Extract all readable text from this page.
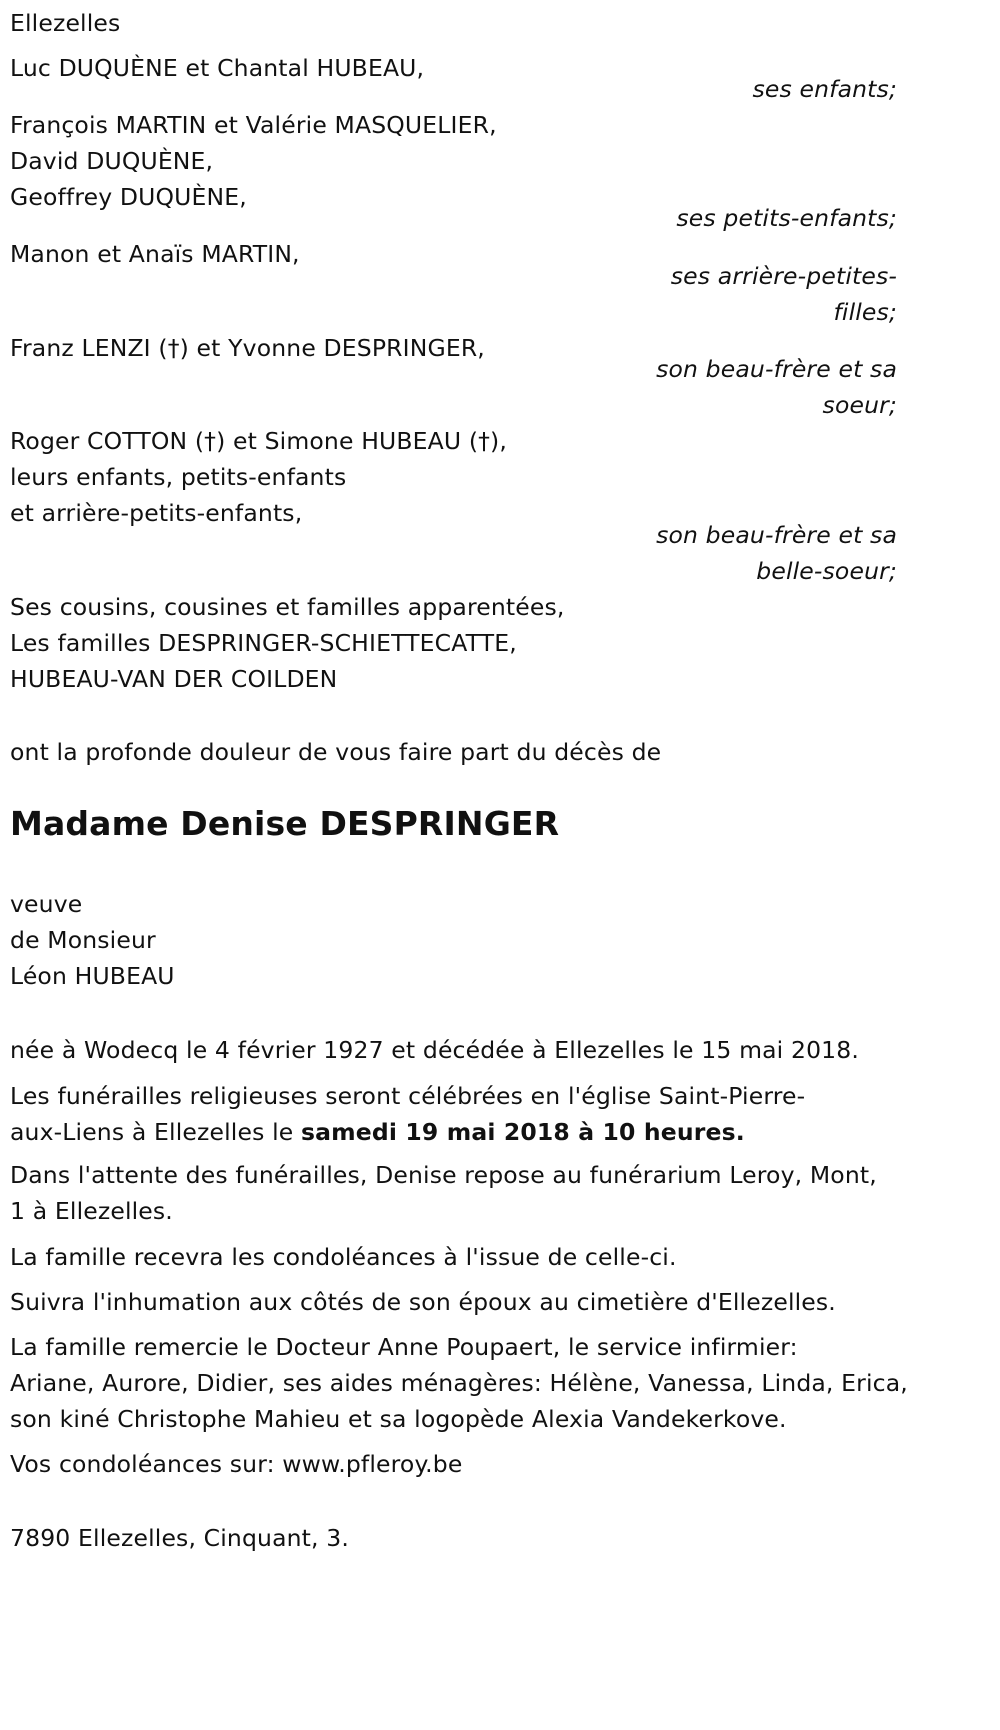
Ellezelles
Luc DUQUÈNE et Chantal HUBEAU,
ses enfants;
François MARTIN et Valérie MASQUELIER,
David DUQUÈNE,
Geoffrey DUQUÈNE,
ses petits-enfants;
Manon et Anaïs MARTIN,
ses arrière-petites-
filles;
Franz LENZI (†) et Yvonne DESPRINGER,
son beau-frère et sa
soeur;
Roger COTTON (†) et Simone HUBEAU (†),
leurs enfants, petits-enfants
et arrière-petits-enfants,
son beau-frère et sa
belle-soeur;
Ses cousins, cousines et familles apparentées,
Les familles DESPRINGER-SCHIETTECATTE,
HUBEAU-VAN DER COILDEN
ont la profonde douleur de vous faire part du décès de
Madame Denise DESPRINGER
veuve
de Monsieur
Léon HUBEAU
née à Wodecq le 4 février 1927 et décédée à Ellezelles le 15 mai 2018.
Les funérailles religieuses seront célébrées en l'église Saint-Pierre-
aux-Liens à Ellezelles le samedi 19 mai 2018 à 10 heures.
Dans l'attente des funérailles, Denise repose au funérarium Leroy, Mont,
1 à Ellezelles.
La famille recevra les condoléances à l'issue de celle-ci.
Suivra l'inhumation aux côtés de son époux au cimetière d'Ellezelles.
La famille remercie le Docteur Anne Poupaert, le service infirmier:
Ariane, Aurore, Didier, ses aides ménagères: Hélène, Vanessa, Linda, Erica,
son kiné Christophe Mahieu et sa logopède Alexia Vandekerkove.
Vos condoléances sur: www.pfleroy.be
7890 Ellezelles, Cinquant, 3.
